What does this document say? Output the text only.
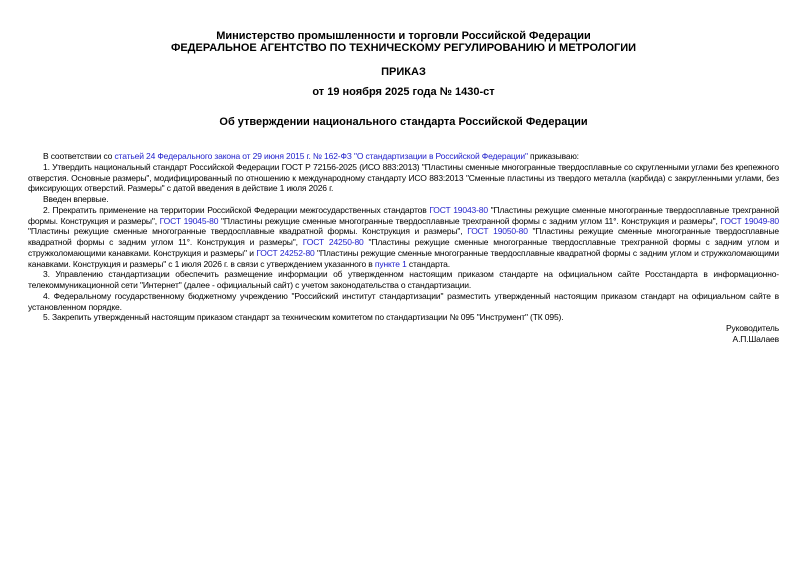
Министерство промышленности и торговли Российской Федерации
ФЕДЕРАЛЬНОЕ АГЕНТСТВО ПО ТЕХНИЧЕСКОМУ РЕГУЛИРОВАНИЮ И МЕТРОЛОГИИ
ПРИКАЗ
от 19 ноября 2025 года № 1430-ст
Об утверждении национального стандарта Российской Федерации

В соответствии со статьей 24 Федерального закона от 29 июня 2015 г. № 162-ФЗ "О стандартизации в Российской Федерации" приказываю:

1. Утвердить национальный стандарт Российской Федерации ГОСТ Р 72156-2025 (ИСО 883:2013) "Пластины сменные многогранные твердосплавные со скругленными углами без крепежного отверстия. Основные размеры", модифицированный по отношению к международному стандарту ИСО 883:2013 "Сменные пластины из твердого металла (карбида) с закругленными углами, без фиксирующих отверстий. Размеры" с датой введения в действие 1 июля 2026 г.

Введен впервые.

2. Прекратить применение на территории Российской Федерации межгосударственных стандартов ГОСТ 19043-80 "Пластины режущие сменные многогранные твердосплавные трехгранной формы. Конструкция и размеры", ГОСТ 19045-80 "Пластины режущие сменные многогранные твердосплавные трехгранной формы с задним углом 11°. Конструкция и размеры", ГОСТ 19049-80 "Пластины режущие сменные многогранные твердосплавные квадратной формы. Конструкция и размеры", ГОСТ 19050-80 "Пластины режущие сменные многогранные твердосплавные квадратной формы с задним углом 11°. Конструкция и размеры", ГОСТ 24250-80 "Пластины режущие сменные многогранные твердосплавные трехгранной формы с задним углом и стружколомающими канавками. Конструкция и размеры" и ГОСТ 24252-80 "Пластины режущие сменные многогранные твердосплавные квадратной формы с задним углом и стружколомающими канавками. Конструкция и размеры" с 1 июля 2026 г. в связи с утверждением указанного в пункте 1 стандарта.

3. Управлению стандартизации обеспечить размещение информации об утвержденном настоящим приказом стандарте на официальном сайте Росстандарта в информационно-телекоммуникационной сети "Интернет" (далее - официальный сайт) с учетом законодательства о стандартизации.

4. Федеральному государственному бюджетному учреждению "Российский институт стандартизации" разместить утвержденный настоящим приказом стандарт на официальном сайте в установленном порядке.

5. Закрепить утвержденный настоящим приказом стандарт за техническим комитетом по стандартизации № 095 "Инструмент" (ТК 095).

Руководитель

А.П.Шалаев
